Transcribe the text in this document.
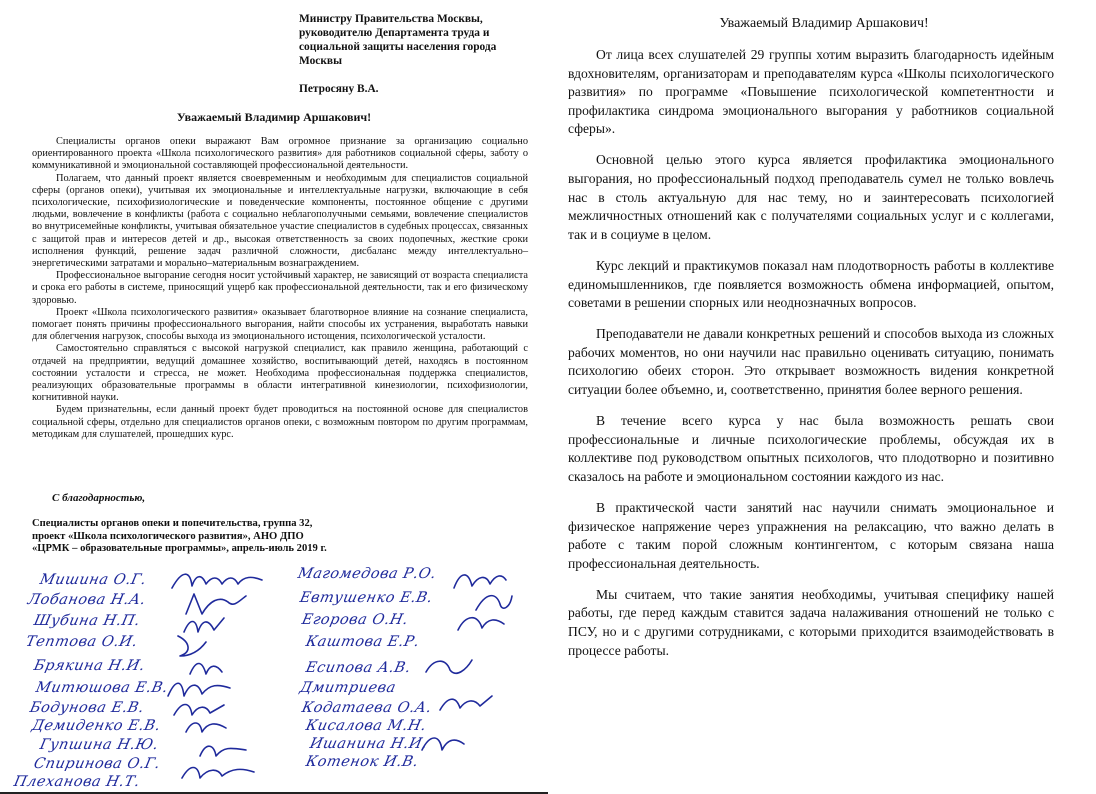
Министру Правительства Москвы,
руководителю Департамента труда и
социальной защиты населения города
Москвы
Петросяну В.А.
Уважаемый Владимир Аршакович!

Специалисты органов опеки выражают Вам огромное признание за организацию социально ориентированного проекта «Школа психологического развития» для работников социальной сферы, заботу о коммуникативной и эмоциональной составляющей профессиональной деятельности.

Полагаем, что данный проект является своевременным и необходимым для специалистов социальной сферы (органов опеки), учитывая их эмоциональные и интеллектуальные нагрузки, включающие в себя психологические, психофизиологические и поведенческие компоненты, постоянное общение с другими людьми, вовлечение в конфликты (работа с социально неблагополучными семьями, вовлечение специалистов во внутрисемейные конфликты, учитывая обязательное участие специалистов в судебных процессах, связанных с защитой прав и интересов детей и др., высокая ответственность за своих подопечных, жесткие сроки исполнения функций, решение задач различной сложности, дисбаланс между интеллектуально–энергетическими затратами и морально–материальным вознаграждением.

Профессиональное выгорание сегодня носит устойчивый характер, не зависящий от возраста специалиста и срока его работы в системе, приносящий ущерб как профессиональной деятельности, так и его физическому здоровью.

Проект «Школа психологического развития» оказывает благотворное влияние на сознание специалиста, помогает понять причины профессионального выгорания, найти способы их устранения, выработать навыки для облегчения нагрузок, способы выхода из эмоционального истощения, психологической усталости.

Самостоятельно справляться с высокой нагрузкой специалист, как правило женщина, работающий с отдачей на предприятии, ведущий домашнее хозяйство, воспитывающий детей, находясь в постоянном состоянии усталости и стресса, не может. Необходима профессиональная поддержка специалистов, реализующих образовательные программы в области интегративной кинезиологии, психофизиологии, когнитивной науки.

Будем признательны, если данный проект будет проводиться на постоянной основе для специалистов социальной сферы, отдельно для специалистов органов опеки, с возможным повтором по другим программам, методикам для слушателей, прошедших курс.

С благодарностью,
Специалисты органов опеки и попечительства, группа 32,
проект «Школа психологического развития», АНО ДПО
«ЦРМК – образовательные программы», апрель-июль 2019 г.
Мишина О.Г.
Лобанова Н.А.
Шубина Н.П.
Тептова О.И.
Брякина Н.И.
Митюшова Е.В.
Бодунова Е.В.
Демиденко Е.В.
Гупшина Н.Ю.
Спиринова О.Г.
Плеханова Н.Т.
Магомедова Р.О.
Евтушенко Е.В.
Егорова О.Н.
Каштова Е.Р.
Есипова А.В.
Дмитриева
Кодатаева О.А.
Кисалова М.Н.
Ишанина Н.И.
Котенок И.В.
Уважаемый Владимир Аршакович!

От лица всех слушателей 29 группы хотим выразить благодарность идейным вдохновителям, организаторам и преподавателям курса «Школы психологического развития» по программе «Повышение психологической компетентности и профилактика синдрома эмоционального выгорания у работников социальной сферы».

Основной целью этого курса является профилактика эмоционального выгорания, но профессиональный подход преподаватель сумел не только вовлечь нас в столь актуальную для нас тему, но и заинтересовать психологией межличностных отношений как с получателями социальных услуг и с коллегами, так и в социуме в целом.

Курс лекций и практикумов показал нам плодотворность работы в коллективе единомышленников, где появляется возможность обмена информацией, опытом, советами в решении спорных или неоднозначных вопросов.

Преподаватели не давали конкретных решений и способов выхода из сложных рабочих моментов, но они научили нас правильно оценивать ситуацию, понимать психологию обеих сторон. Это открывает возможность видения конкретной ситуации более объемно, и, соответственно, принятия более верного решения.

В течение всего курса у нас была возможность решать свои профессиональные и личные психологические проблемы, обсуждая их в коллективе под руководством опытных психологов, что плодотворно и позитивно сказалось на работе и эмоциональном состоянии каждого из нас.

В практической части занятий нас научили снимать эмоциональное и физическое напряжение через упражнения на релаксацию, что важно делать в работе с таким порой сложным контингентом, с которым связана наша профессиональная деятельность.

Мы считаем, что такие занятия необходимы, учитывая специфику нашей работы, где перед каждым ставится задача налаживания отношений не только с ПСУ, но и с другими сотрудниками, с которыми приходится взаимодействовать в процессе работы.
